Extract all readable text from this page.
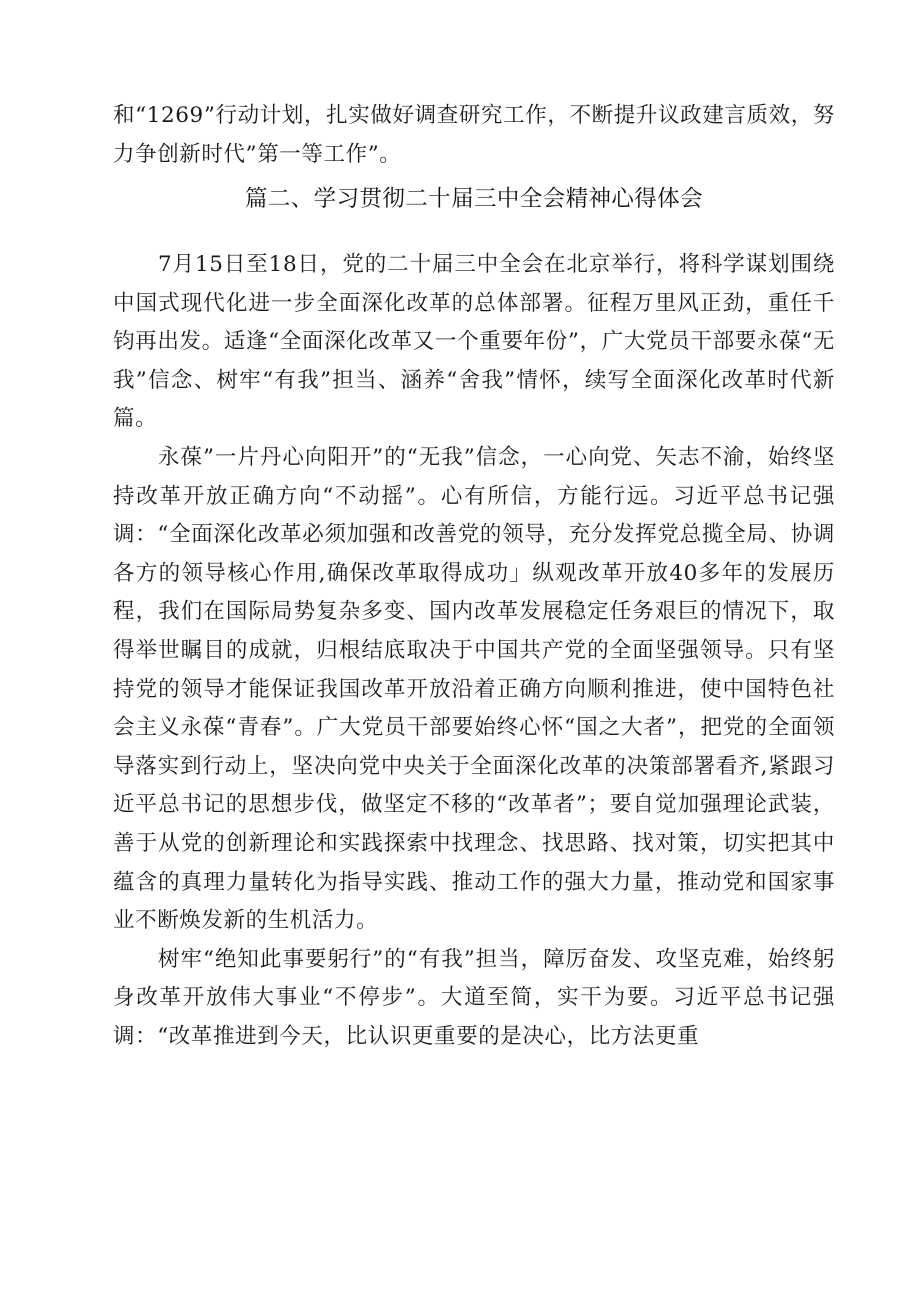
和“1269”行动计划，扎实做好调查研究工作，不断提升议政建言质效，努力争创新时代”第一等工作”。

篇二、学习贯彻二十届三中全会精神心得体会

7月15日至18日，党的二十届三中全会在北京举行，将科学谋划围绕中国式现代化进一步全面深化改革的总体部署。征程万里风正劲，重任千钧再出发。适逢“全面深化改革又一个重要年份”，广大党员干部要永葆“无我”信念、树牢“有我”担当、涵养“舍我”情怀，续写全面深化改革时代新篇。

永葆”一片丹心向阳开”的“无我”信念，一心向党、矢志不渝，始终坚持改革开放正确方向“不动摇”。心有所信，方能行远。习近平总书记强调：“全面深化改革必须加强和改善党的领导，充分发挥党总揽全局、协调各方的领导核心作用,确保改革取得成功」纵观改革开放40多年的发展历程，我们在国际局势复杂多变、国内改革发展稳定任务艰巨的情况下，取得举世瞩目的成就，归根结底取决于中国共产党的全面坚强领导。只有坚持党的领导才能保证我国改革开放沿着正确方向顺利推进，使中国特色社会主义永葆“青春”。广大党员干部要始终心怀“国之大者”，把党的全面领导落实到行动上，坚决向党中央关于全面深化改革的决策部署看齐,紧跟习近平总书记的思想步伐，做坚定不移的“改革者”；要自觉加强理论武装，善于从党的创新理论和实践探索中找理念、找思路、找对策，切实把其中蕴含的真理力量转化为指导实践、推动工作的强大力量，推动党和国家事业不断焕发新的生机活力。

树牢“绝知此事要躬行”的“有我”担当，障厉奋发、攻坚克难，始终躬身改革开放伟大事业“不停步”。大道至简，实干为要。习近平总书记强调：“改革推进到今天，比认识更重要的是决心，比方法更重
